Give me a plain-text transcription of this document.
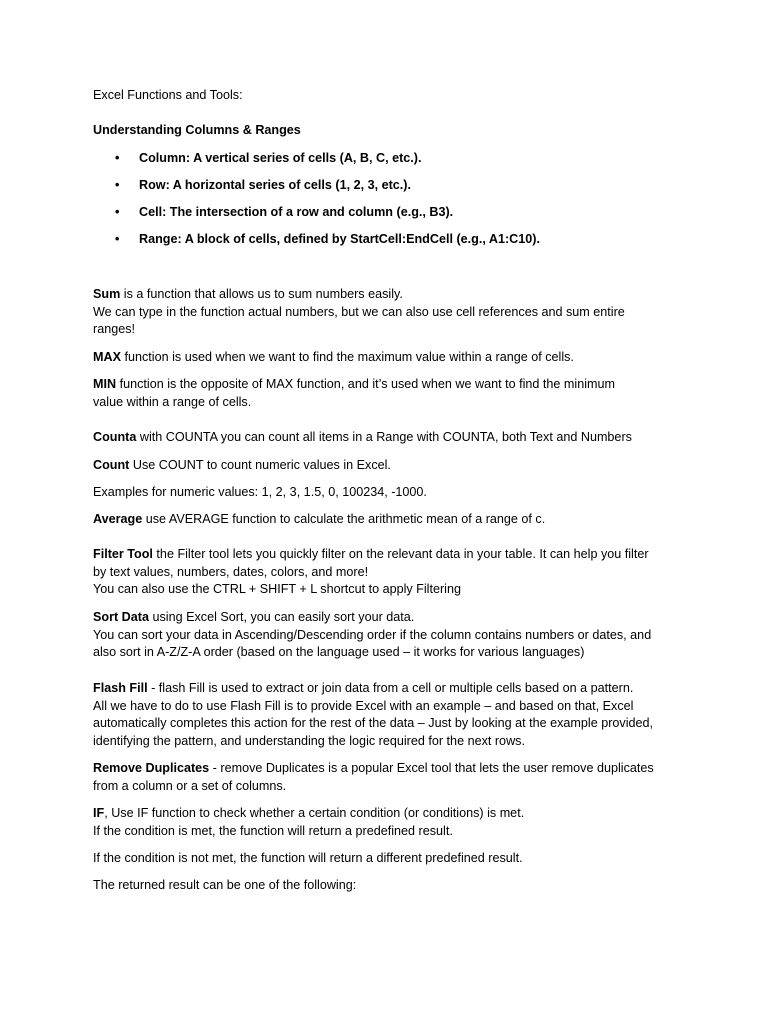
Excel Functions and Tools:
Understanding Columns & Ranges
• Column: A vertical series of cells (A, B, C, etc.).
• Row: A horizontal series of cells (1, 2, 3, etc.).
• Cell: The intersection of a row and column (e.g., B3).
• Range: A block of cells, defined by StartCell:EndCell (e.g., A1:C10).
Sum is a function that allows us to sum numbers easily.
We can type in the function actual numbers, but we can also use cell references and sum entire
ranges!
MAX function is used when we want to find the maximum value within a range of cells.
MIN function is the opposite of MAX function, and it’s used when we want to find the minimum
value within a range of cells.
Counta with COUNTA you can count all items in a Range with COUNTA, both Text and Numbers
Count Use COUNT to count numeric values in Excel.
Examples for numeric values: 1, 2, 3, 1.5, 0, 100234, -1000.
Average use AVERAGE function to calculate the arithmetic mean of a range of c.
Filter Tool the Filter tool lets you quickly filter on the relevant data in your table. It can help you filter
by text values, numbers, dates, colors, and more!
You can also use the CTRL + SHIFT + L shortcut to apply Filtering
Sort Data using Excel Sort, you can easily sort your data.
You can sort your data in Ascending/Descending order if the column contains numbers or dates, and
also sort in A-Z/Z-A order (based on the language used – it works for various languages)
Flash Fill - flash Fill is used to extract or join data from a cell or multiple cells based on a pattern.
All we have to do to use Flash Fill is to provide Excel with an example – and based on that, Excel
automatically completes this action for the rest of the data – Just by looking at the example provided,
identifying the pattern, and understanding the logic required for the next rows.
Remove Duplicates - remove Duplicates is a popular Excel tool that lets the user remove duplicates
from a column or a set of columns.
IF, Use IF function to check whether a certain condition (or conditions) is met.
If the condition is met, the function will return a predefined result.
If the condition is not met, the function will return a different predefined result.
The returned result can be one of the following:
